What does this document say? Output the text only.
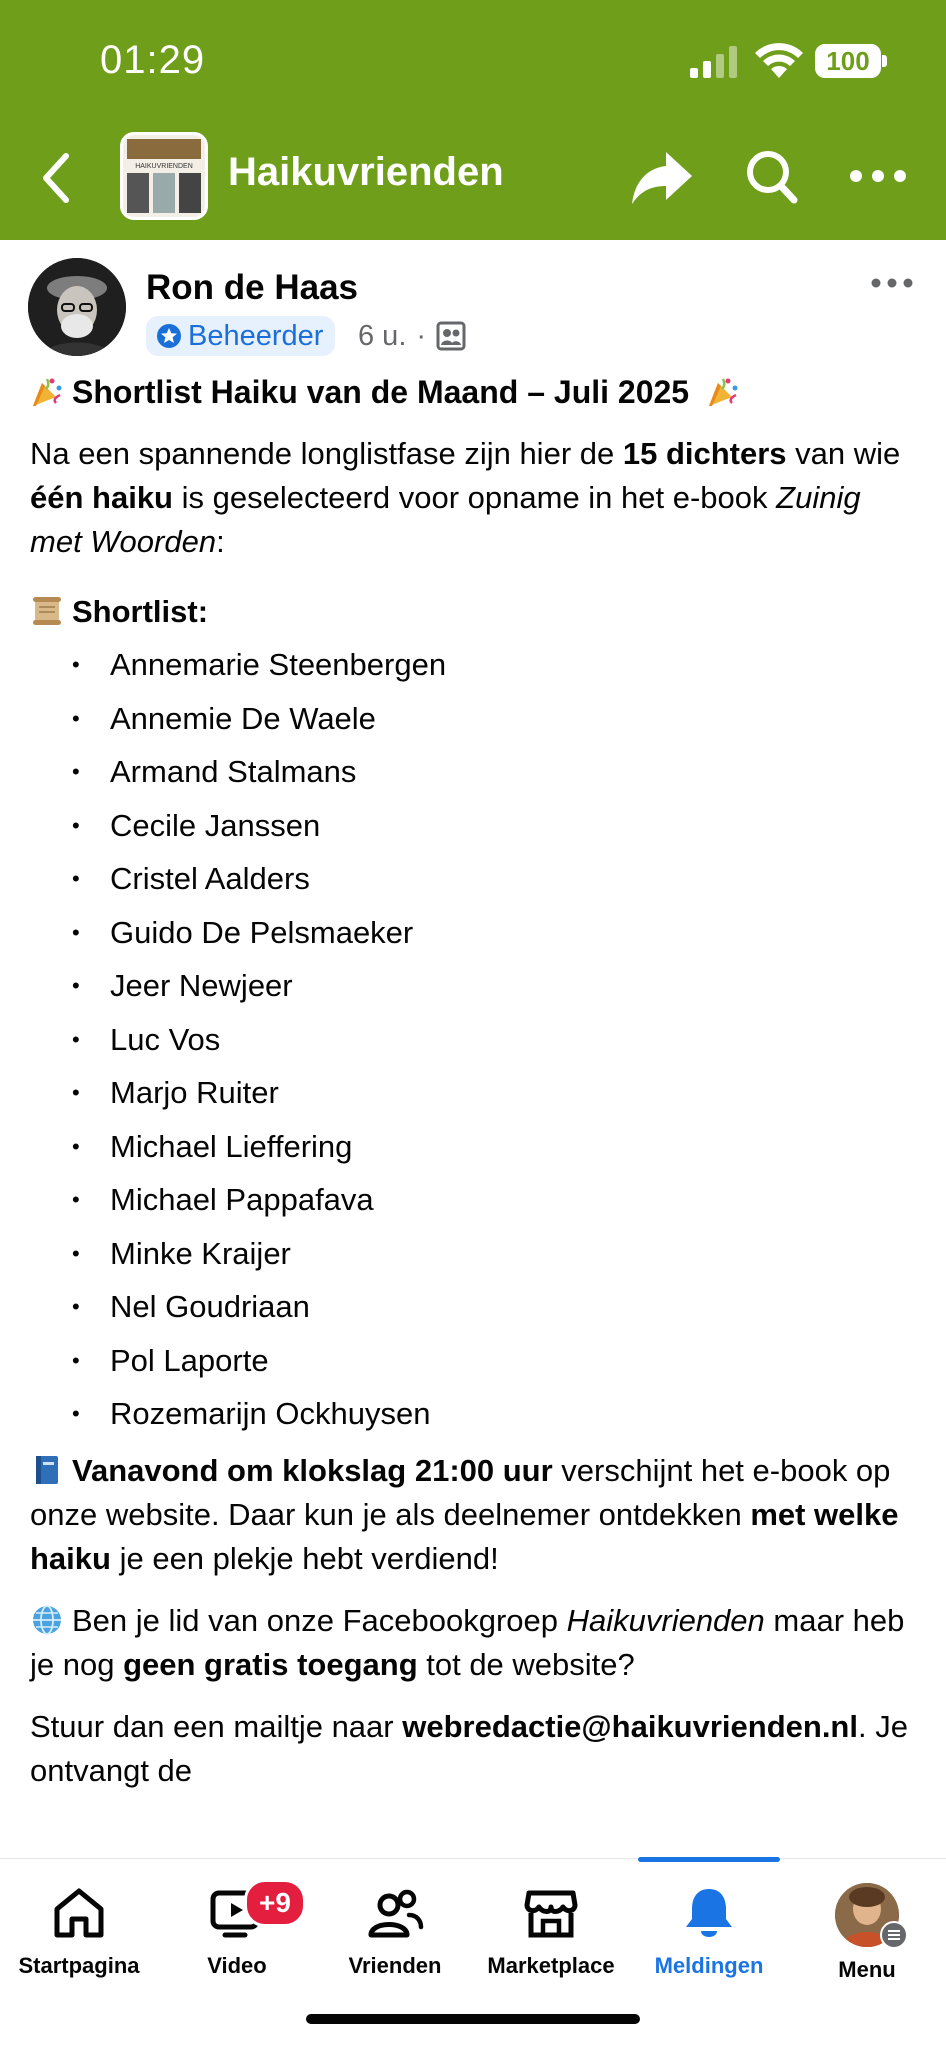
01:29	100
HAIKUVRIENDEN Haikuvrienden
Ron de Haas
Beheerder 6 u. ·
Shortlist Haiku van de Maand – Juli 2025

Na een spannende longlistfase zijn hier de 15 dichters van wie één haiku is geselecteerd voor opname in het e-book Zuinig met Woorden:

Shortlist:
• Annemarie Steenbergen
• Annemie De Waele
• Armand Stalmans
• Cecile Janssen
• Cristel Aalders
• Guido De Pelsmaeker
• Jeer Newjeer
• Luc Vos
• Marjo Ruiter
• Michael Lieffering
• Michael Pappafava
• Minke Kraijer
• Nel Goudriaan
• Pol Laporte
• Rozemarijn Ockhuysen

Vanavond om klokslag 21:00 uur verschijnt het e-book op onze website. Daar kun je als deelnemer ontdekken met welke haiku je een plekje hebt verdiend!

Ben je lid van onze Facebookgroep Haikuvrienden maar heb je nog geen gratis toegang tot de website?

Stuur dan een mailtje naar webredactie@haikuvrienden.nl. Je ontvangt de

Startpagina
+9
Video	Vrienden	Marketplace	Meldingen	Menu
